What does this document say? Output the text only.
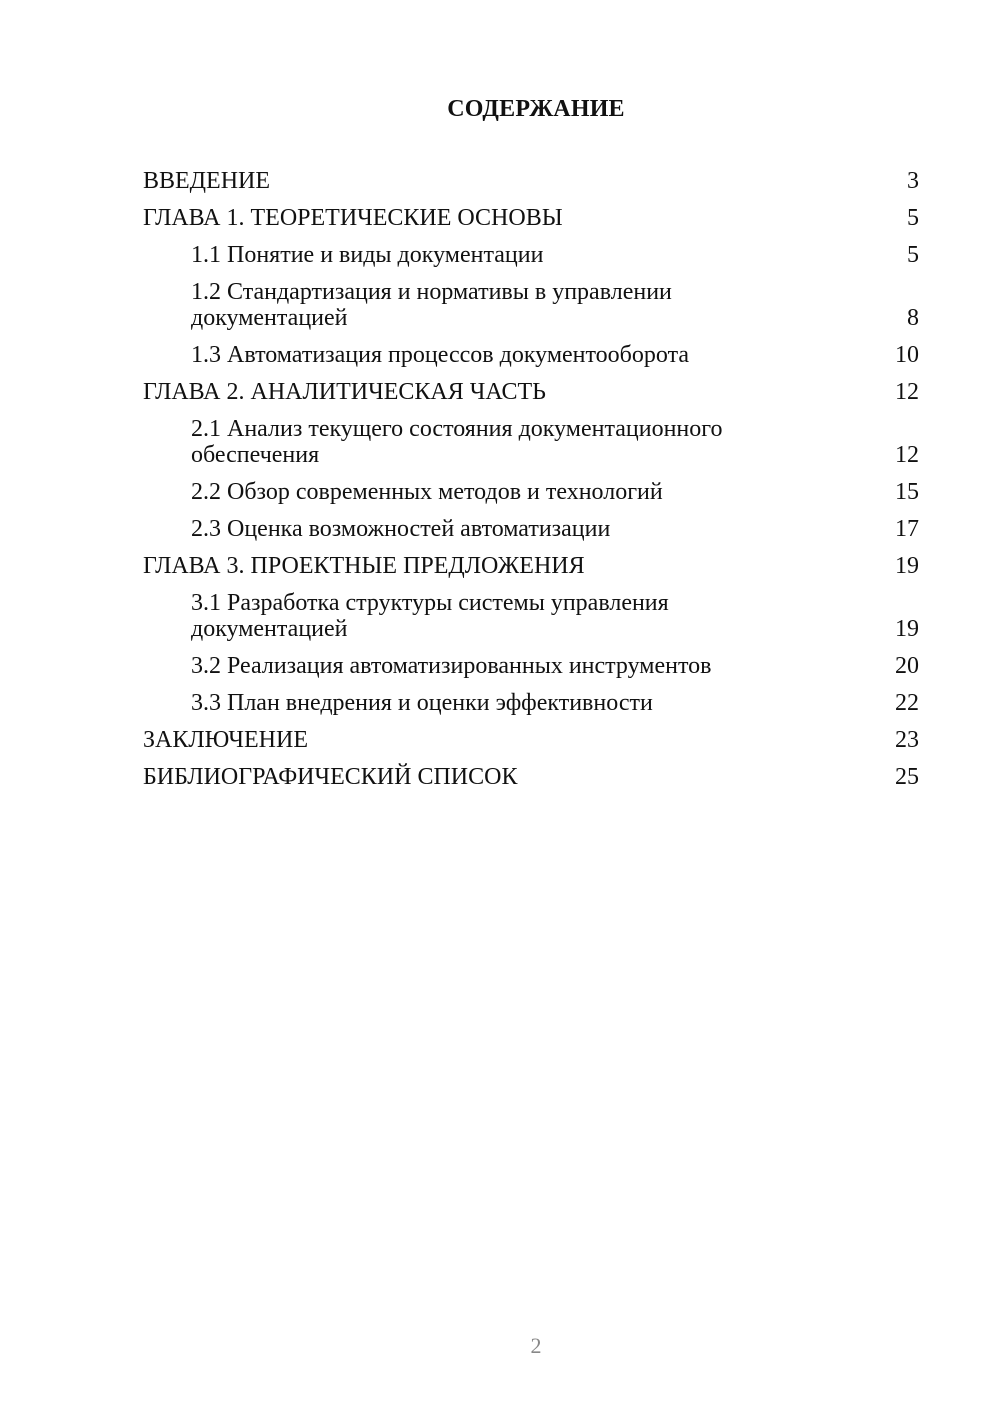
СОДЕРЖАНИЕ
ВВЕДЕНИЕ	3
ГЛАВА 1. ТЕОРЕТИЧЕСКИЕ ОСНОВЫ	5
1.1 Понятие и виды документации	5
1.2 Стандартизация и нормативы в управлении документацией	8
1.3 Автоматизация процессов документооборота	10
ГЛАВА 2. АНАЛИТИЧЕСКАЯ ЧАСТЬ	12
2.1 Анализ текущего состояния документационного обеспечения	12
2.2 Обзор современных методов и технологий	15
2.3 Оценка возможностей автоматизации	17
ГЛАВА 3. ПРОЕКТНЫЕ ПРЕДЛОЖЕНИЯ	19
3.1 Разработка структуры системы управления документацией	19
3.2 Реализация автоматизированных инструментов	20
3.3 План внедрения и оценки эффективности	22
ЗАКЛЮЧЕНИЕ	23
БИБЛИОГРАФИЧЕСКИЙ СПИСОК	25
2
